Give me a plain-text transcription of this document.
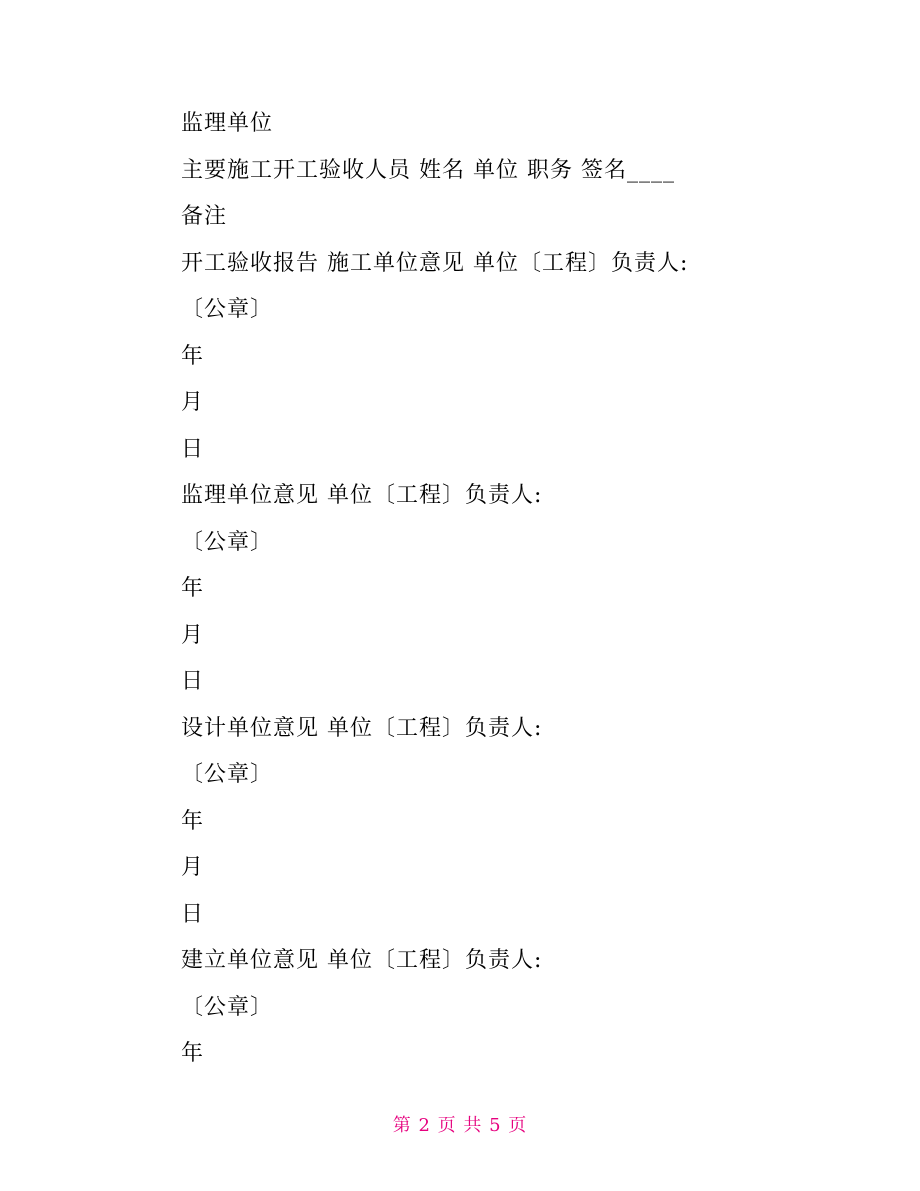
监理单位
主要施工开工验收人员 姓名 单位 职务 签名____
备注
开工验收报告 施工单位意见 单位〔工程〕负责人:
〔公章〕
年
月
日
监理单位意见 单位〔工程〕负责人:
〔公章〕
年
月
日
设计单位意见 单位〔工程〕负责人:
〔公章〕
年
月
日
建立单位意见 单位〔工程〕负责人:
〔公章〕
年
第 2 页 共 5 页
